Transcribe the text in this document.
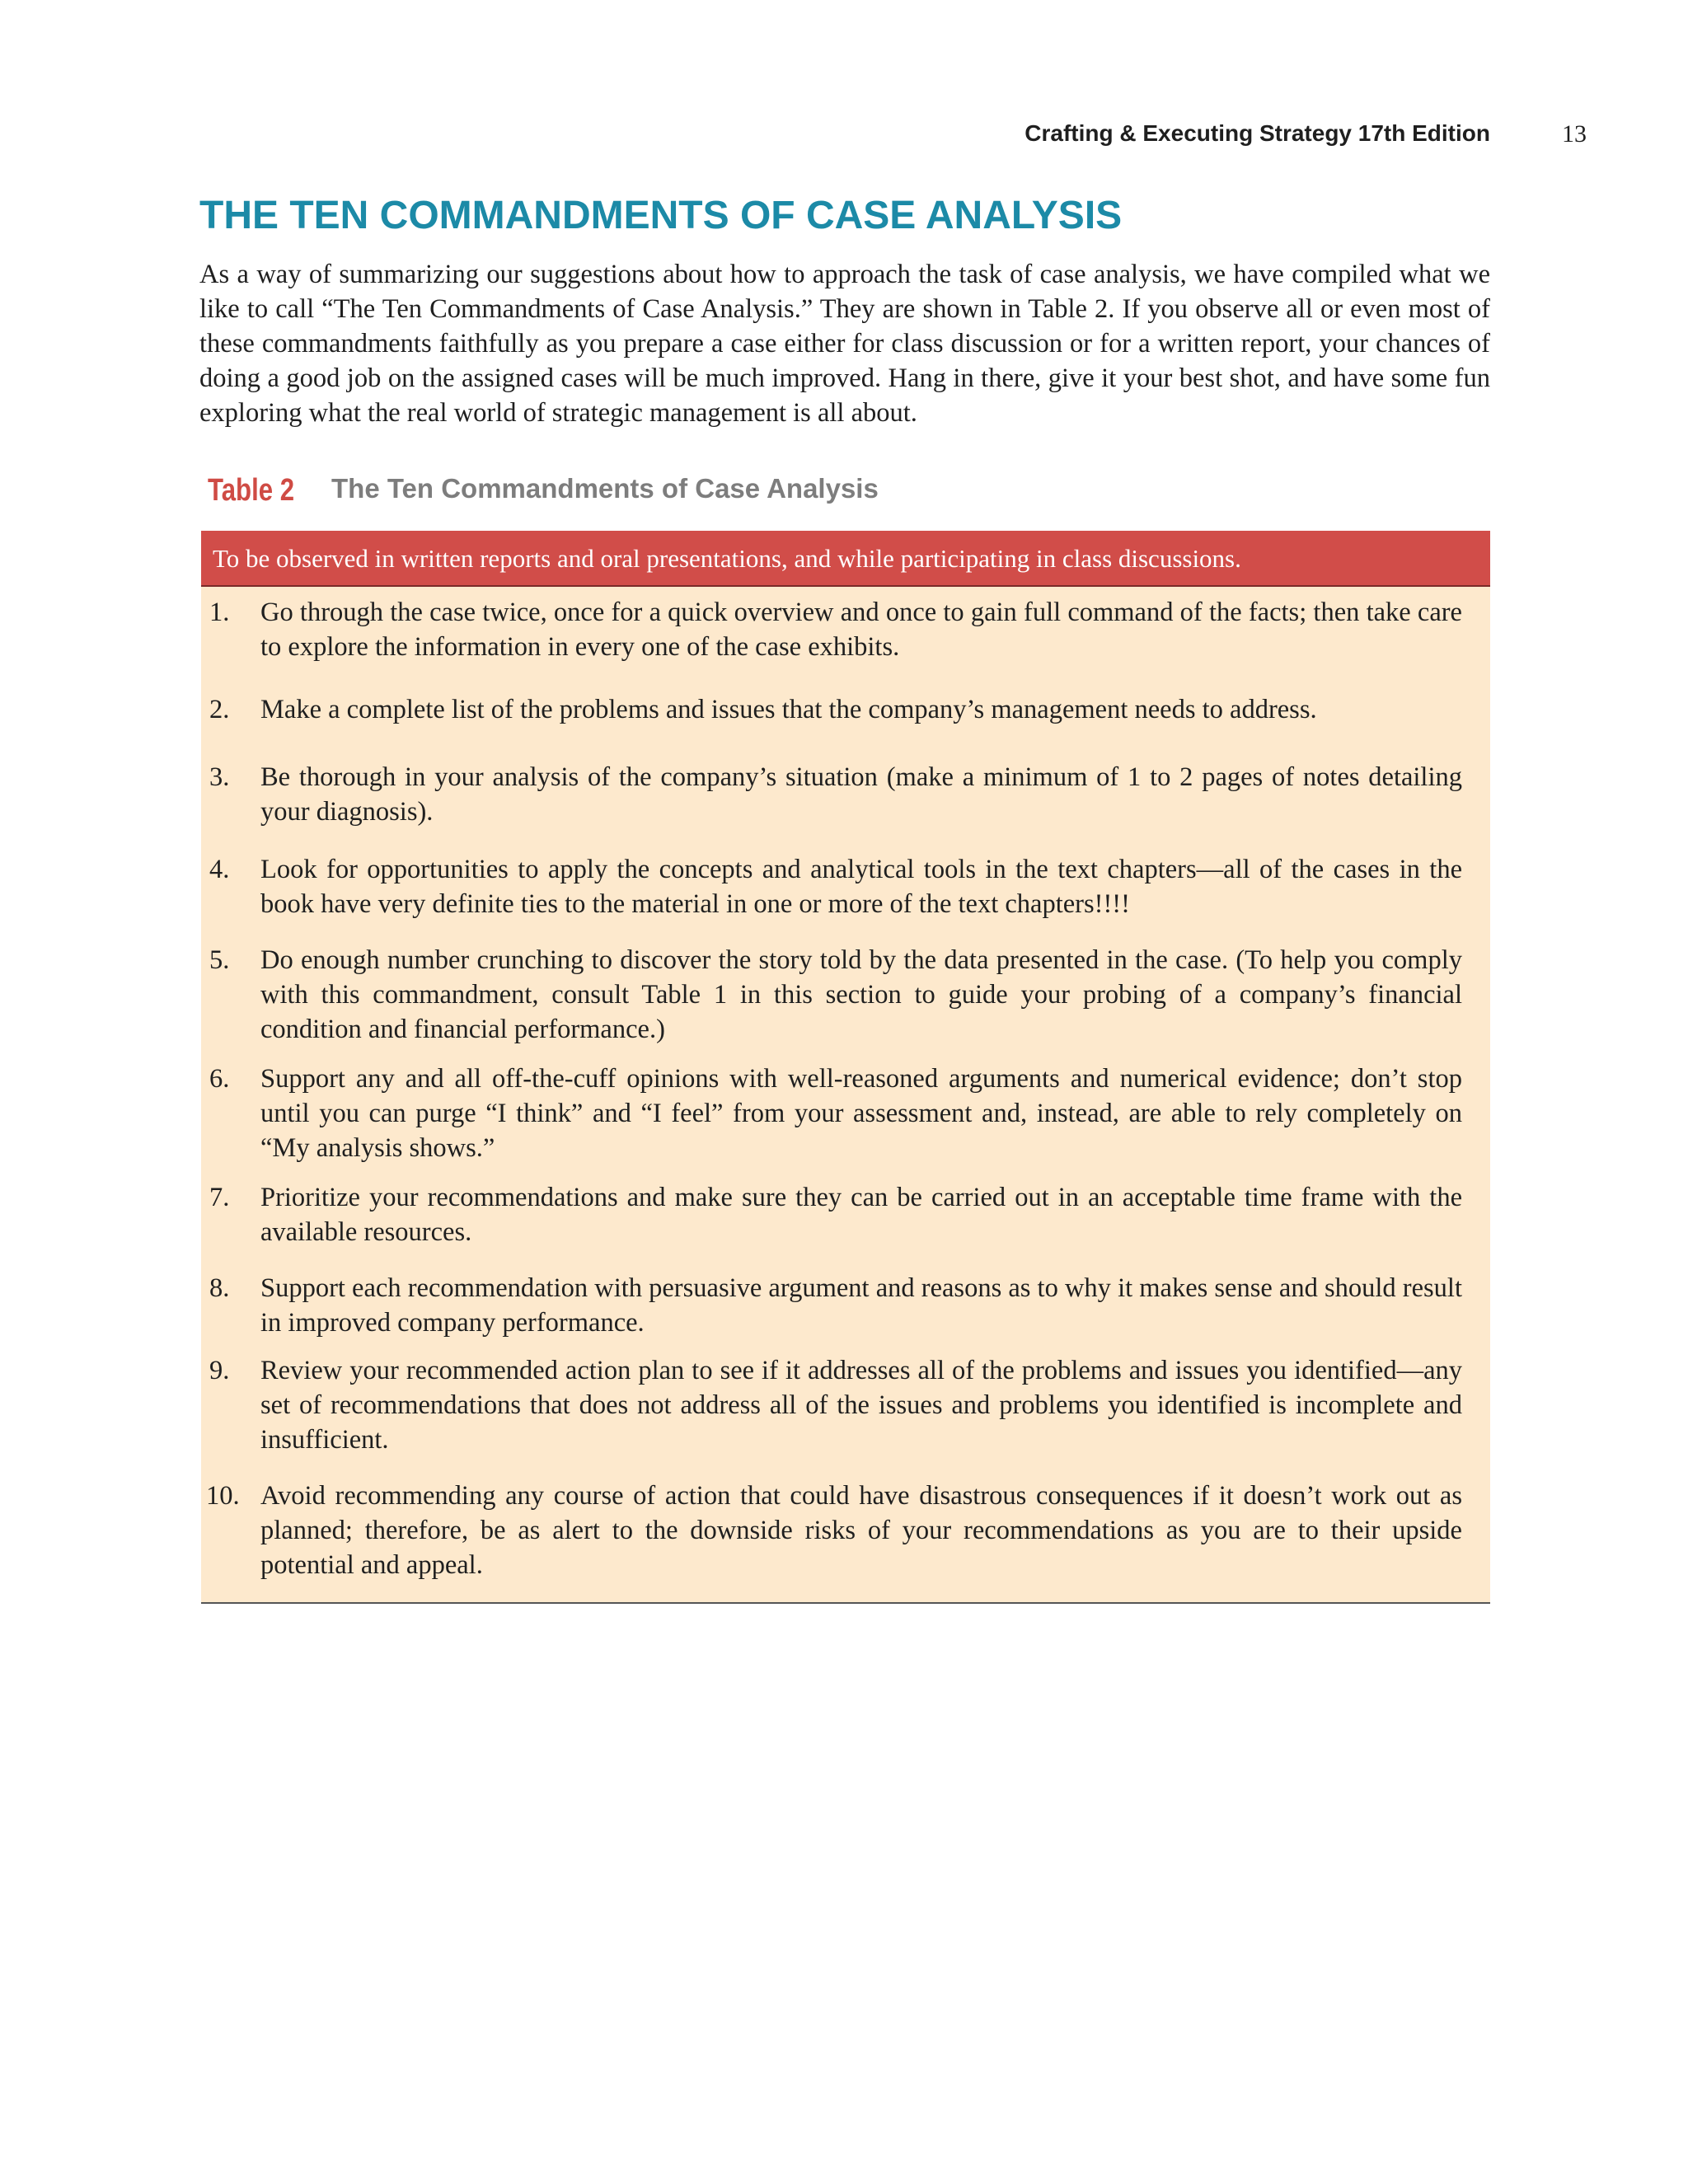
Crafting & Executing Strategy 17th Edition	13
THE TEN COMMANDMENTS OF CASE ANALYSIS

As a way of summarizing our suggestions about how to approach the task of case analysis, we have compiled what we like to call “The Ten Commandments of Case Analysis.” They are shown in Table 2. If you observe all or even most of these commandments faithfully as you prepare a case either for class discussion or for a written report, your chances of doing a good job on the assigned cases will be much improved. Hang in there, give it your best shot, and have some fun exploring what the real world of strategic management is all about.

Table 2 The Ten Commandments of Case Analysis
To be observed in written reports and oral presentations, and while participating in class discussions.
1.	Go through the case twice, once for a quick overview and once to gain full command of the facts; then take care to explore the information in every one of the case exhibits.

2.	Make a complete list of the problems and issues that the company’s management needs to address.

3.	Be thorough in your analysis of the company’s situation (make a minimum of 1 to 2 pages of notes detailing your diagnosis).

4.	Look for opportunities to apply the concepts and analytical tools in the text chapters—all of the cases in the book have very definite ties to the material in one or more of the text chapters!!!!

5.	Do enough number crunching to discover the story told by the data presented in the case. (To help you comply with this commandment, consult Table 1 in this section to guide your probing of a company’s financial condition and financial performance.)

6.	Support any and all off-the-cuff opinions with well-reasoned arguments and numerical evidence; don’t stop until you can purge “I think” and “I feel” from your assessment and, instead, are able to rely completely on “My analysis shows.”

7.	Prioritize your recommendations and make sure they can be carried out in an acceptable time frame with the available resources.

8.	Support each recommendation with persuasive argument and reasons as to why it makes sense and should result in improved company performance.

9.	Review your recommended action plan to see if it addresses all of the problems and issues you identified—any set of recommendations that does not address all of the issues and problems you identified is incomplete and insufficient.

10. Avoid recommending any course of action that could have disastrous consequences if it doesn’t work out as planned; therefore, be as alert to the downside risks of your recommendations as you are to their upside potential and appeal.
